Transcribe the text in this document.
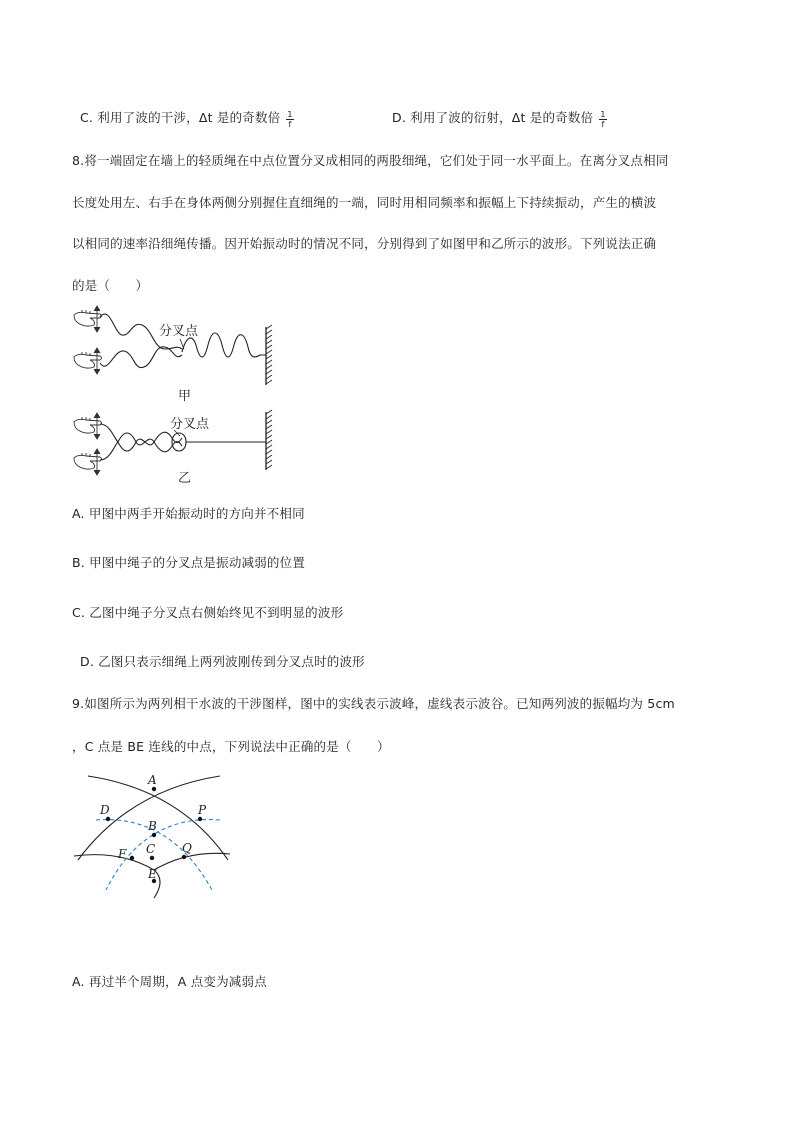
C. 利用了波的干涉，Δt 是的奇数倍 $\frac{1}{f}$	D. 利用了波的衍射，Δt 是的奇数倍 $\frac{1}{f}$
8.将一端固定在墙上的轻质绳在中点位置分叉成相同的两股细绳，它们处于同一水平面上。在离分叉点相同
长度处用左、右手在身体两侧分别握住直细绳的一端，同时用相同频率和振幅上下持续振动，产生的横波
以相同的速率沿细绳传播。因开始振动时的情况不同，分别得到了如图甲和乙所示的波形。下列说法正确
的是（　　）
分叉点
甲
分叉点
乙
A. 甲图中两手开始振动时的方向并不相同
B. 甲图中绳子的分叉点是振动减弱的位置
C. 乙图中绳子分叉点右侧始终见不到明显的波形
D. 乙图只表示细绳上两列波刚传到分叉点时的波形
9.如图所示为两列相干水波的干涉图样，图中的实线表示波峰，虚线表示波谷。已知两列波的振幅均为 5cm
，C 点是 BE 连线的中点，下列说法中正确的是（　　）
A
D	P
B
C
F	Q
E
A. 再过半个周期，A 点变为减弱点
